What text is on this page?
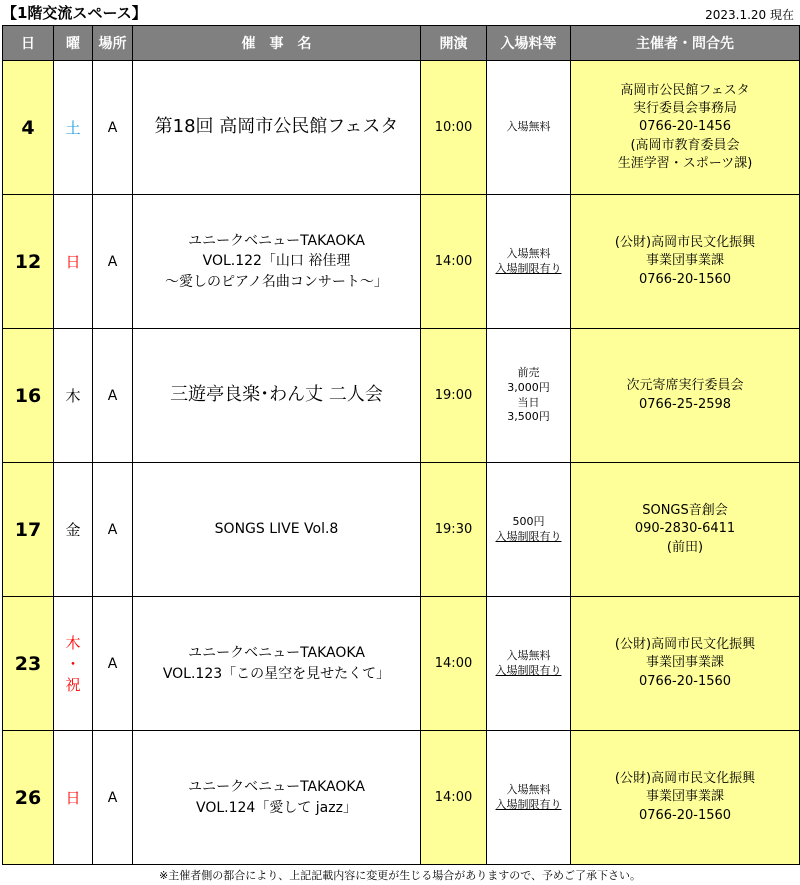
【1階交流スペース】	2023.1.20 現在
日	曜	場所	催　事　名	開演	入場料等	主催者・問合先
4	土	A	第18回 高岡市公民館フェスタ	10:00	入場無料	高岡市公民館フェスタ
実行委員会事務局
0766-20-1456
(高岡市教育委員会
生涯学習・スポーツ課)

12	日	A	ユニークベニューTAKAOKA
VOL.122「山口 裕佳理
～愛しのピアノ名曲コンサート～」	14:00	入場無料
入場制限有り	(公財)高岡市民文化振興
事業団事業課
0766-20-1560

16	木	A	三遊亭良楽･わん丈 二人会	19:00	前売
3,000円
当日
3,500円	次元寄席実行委員会
0766-25-2598

17	金	A	SONGS LIVE Vol.8	19:30	500円
入場制限有り	SONGS音創会
090-2830-6411
(前田)

23	木
・
祝	A	ユニークベニューTAKAOKA
VOL.123「この星空を見せたくて」	14:00	入場無料
入場制限有り	(公財)高岡市民文化振興
事業団事業課
0766-20-1560

26	日	A	ユニークベニューTAKAOKA
VOL.124「愛して jazz」	14:00	入場無料
入場制限有り	(公財)高岡市民文化振興
事業団事業課
0766-20-1560
※主催者側の都合により、上記記載内容に変更が生じる場合がありますので、予めご了承下さい。
